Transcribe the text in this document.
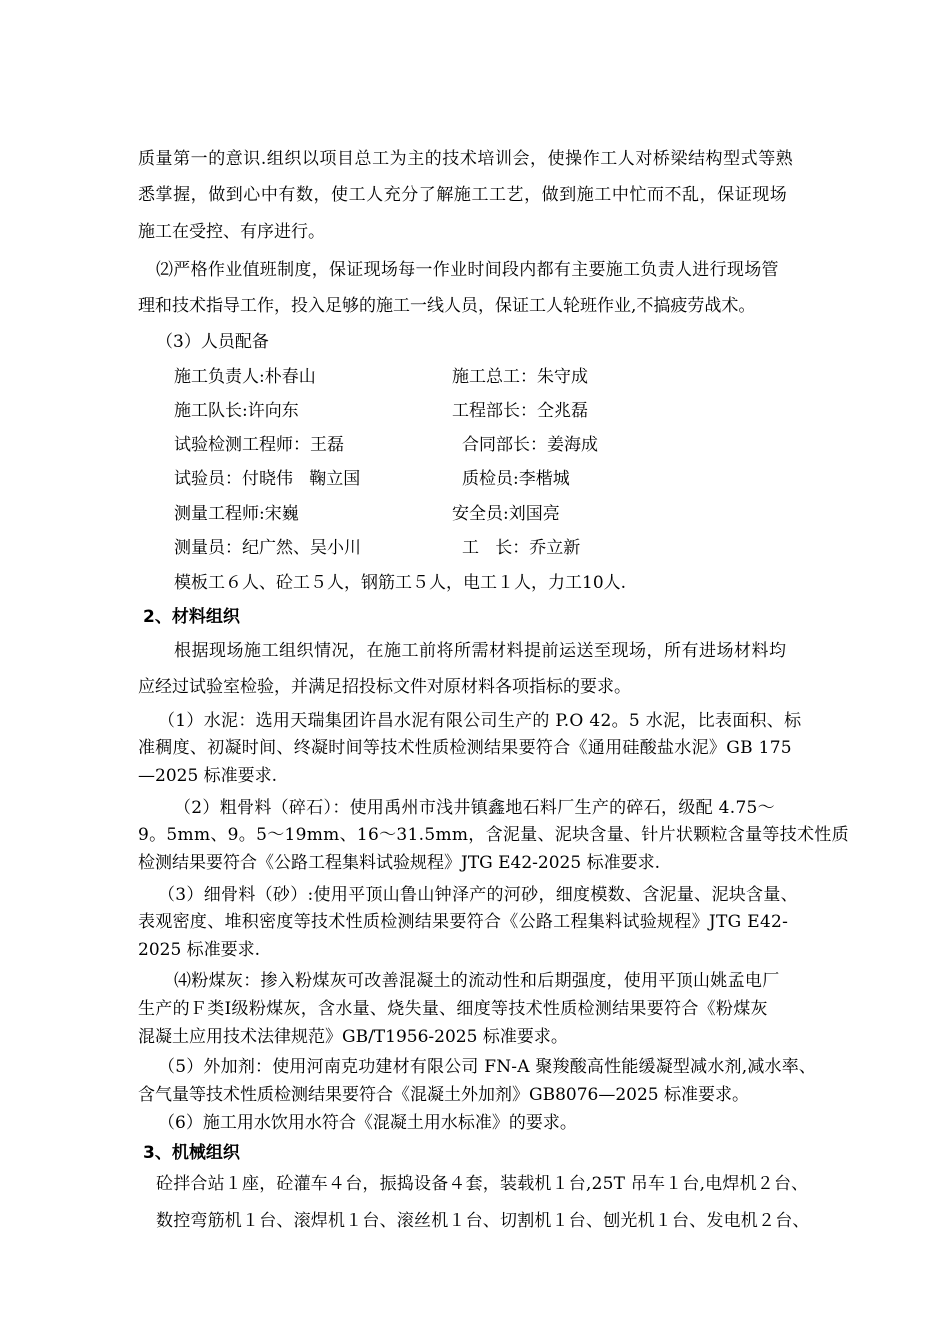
质量第一的意识.组织以项目总工为主的技术培训会，使操作工人对桥梁结构型式等熟
悉掌握，做到心中有数，使工人充分了解施工工艺，做到施工中忙而不乱，保证现场
施工在受控、有序进行。
⑵严格作业值班制度，保证现场每一作业时间段内都有主要施工负责人进行现场管
理和技术指导工作，投入足够的施工一线人员，保证工人轮班作业,不搞疲劳战术。
（3）人员配备
施工负责人:朴春山	施工总工：朱守成
施工队长:许向东	工程部长：仝兆磊
试验检测工程师：王磊	合同部长：姜海成
试验员：付晓伟   鞠立国	质检员:李楷城
测量工程师:宋巍	安全员:刘国亮
测量员：纪广然、吴小川	工   长：乔立新
模板工６人、砼工５人，钢筋工５人，电工１人，力工10人.
2、材料组织
根据现场施工组织情况，在施工前将所需材料提前运送至现场，所有进场材料均
应经过试验室检验，并满足招投标文件对原材料各项指标的要求。
（1）水泥：选用天瑞集团许昌水泥有限公司生产的 P.O 42。5 水泥，比表面积、标
准稠度、初凝时间、终凝时间等技术性质检测结果要符合《通用硅酸盐水泥》GB 175
—2025 标准要求.
（2）粗骨料（碎石）：使用禹州市浅井镇鑫地石料厂生产的碎石，级配 4.75～
9。5mm、9。5～19mm、16～31.5mm，含泥量、泥块含量、针片状颗粒含量等技术性质
检测结果要符合《公路工程集料试验规程》JTG E42-2025 标准要求.
（3）细骨料（砂）:使用平顶山鲁山钟泽产的河砂，细度模数、含泥量、泥块含量、
表观密度、堆积密度等技术性质检测结果要符合《公路工程集料试验规程》JTG E42-
2025 标准要求.
⑷粉煤灰：掺入粉煤灰可改善混凝土的流动性和后期强度，使用平顶山姚孟电厂
生产的Ｆ类Ⅰ级粉煤灰，含水量、烧失量、细度等技术性质检测结果要符合《粉煤灰
混凝土应用技术法律规范》GB/T1956-2025 标准要求。
（5）外加剂：使用河南克功建材有限公司 FN-A 聚羧酸高性能缓凝型减水剂,减水率、
含气量等技术性质检测结果要符合《混凝土外加剂》GB8076—2025 标准要求。
（6）施工用水饮用水符合《混凝土用水标准》的要求。
3、机械组织
砼拌合站１座，砼灌车４台，振捣设备４套，装载机１台,25T 吊车１台,电焊机２台、
数控弯筋机１台、滚焊机１台、滚丝机１台、切割机１台、刨光机１台、发电机２台、
